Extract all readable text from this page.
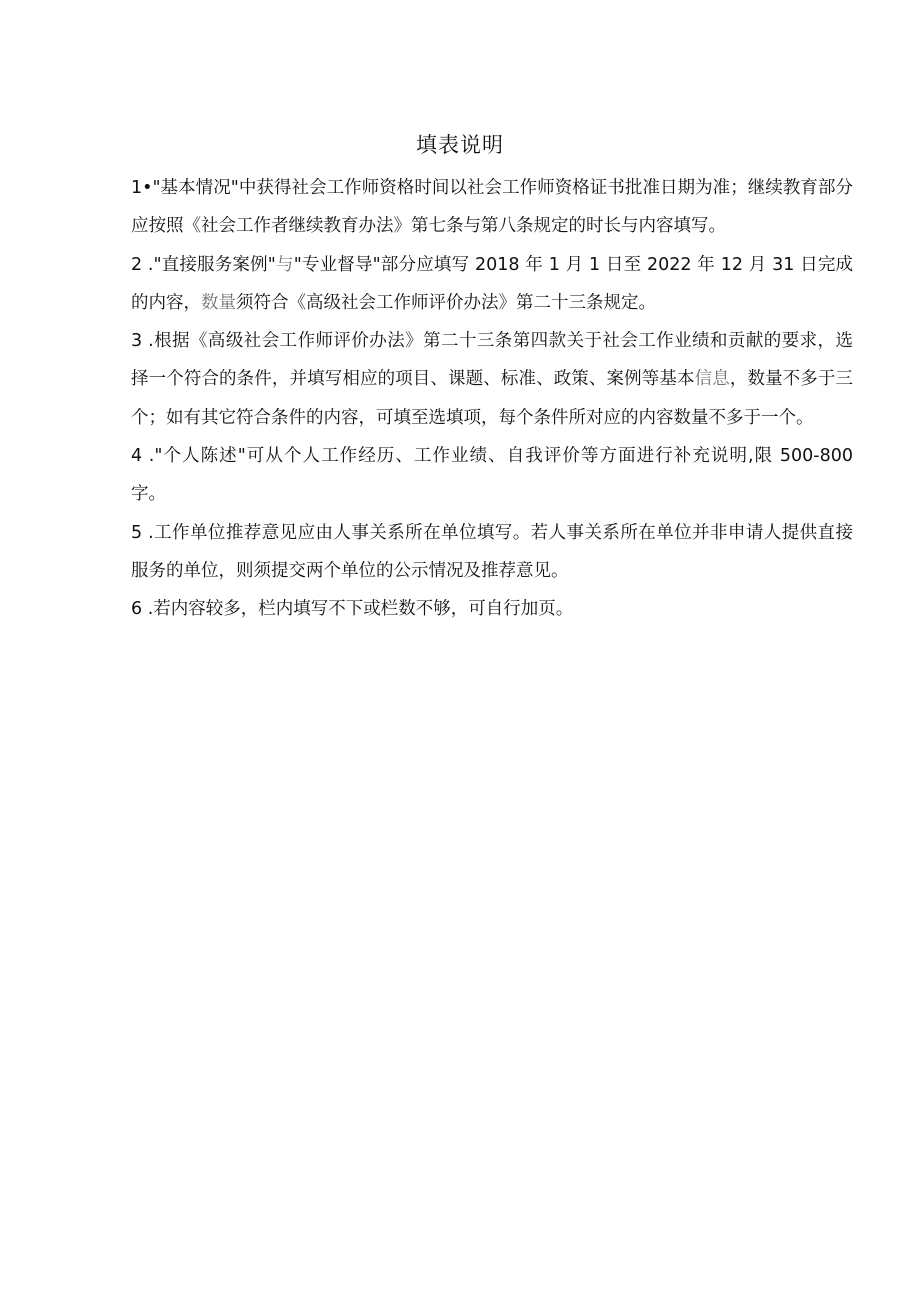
填表说明

1•"基本情况"中获得社会工作师资格时间以社会工作师资格证书批准日期为准；继续教育部分应按照《社会工作者继续教育办法》第七条与第八条规定的时长与内容填写。

2 ."直接服务案例"与"专业督导"部分应填写 2018 年 1 月 1 日至 2022 年 12 月 31 日完成的内容，数量须符合《高级社会工作师评价办法》第二十三条规定。

3 .根据《高级社会工作师评价办法》第二十三条第四款关于社会工作业绩和贡献的要求，选择一个符合的条件，并填写相应的项目、课题、标准、政策、案例等基本信息，数量不多于三个；如有其它符合条件的内容，可填至选填项，每个条件所对应的内容数量不多于一个。

4 ."个人陈述"可从个人工作经历、工作业绩、自我评价等方面进行补充说明,限 500-800 字。

5 .工作单位推荐意见应由人事关系所在单位填写。若人事关系所在单位并非申请人提供直接服务的单位，则须提交两个单位的公示情况及推荐意见。

6 .若内容较多，栏内填写不下或栏数不够，可自行加页。
